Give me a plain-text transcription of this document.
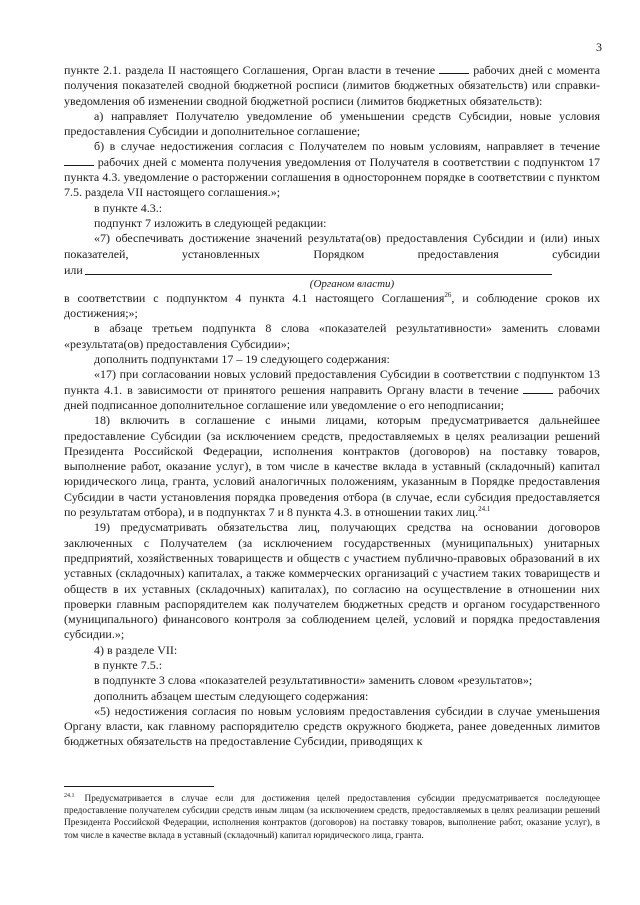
3

пункте 2.1. раздела II настоящего Соглашения, Орган власти в течение	рабочих дней с момента получения показателей сводной бюджетной росписи (лимитов бюджетных обязательств) или справки-уведомления об изменении сводной бюджетной росписи (лимитов бюджетных обязательств):

а) направляет Получателю уведомление об уменьшении средств Субсидии, новые условия предоставления Субсидии и дополнительное соглашение;

б) в случае недостижения согласия с Получателем по новым условиям, направляет в течение  рабочих дней с момента получения уведомления от Получателя в соответствии с подпунктом 17 пункта 4.3. уведомление о расторжении соглашения в одностороннем порядке в соответствии с пунктом 7.5. раздела VII настоящего соглашения.»;

в пункте 4.3.:

подпункт 7 изложить в следующей редакции:

«7) обеспечивать достижение значений результата(ов) предоставления Субсидии и (или) иных показателей, установленных Порядком предоставления субсидии

или
(Органом власти)

в соответствии с подпунктом 4 пункта 4.1 настоящего Соглашения$^{26}$, и соблюдение сроков их достижения;»;

в абзаце третьем подпункта 8 слова «показателей результативности» заменить словами «результата(ов) предоставления Субсидии»;

дополнить подпунктами 17 – 19 следующего содержания:

«17) при согласовании новых условий предоставления Субсидии в соответствии с подпунктом 13 пункта 4.1. в зависимости от принятого решения направить Органу власти в течение	рабочих дней подписанное дополнительное соглашение или уведомление о его неподписании;

18) включить в соглашение с иными лицами, которым предусматривается дальнейшее предоставление Субсидии (за исключением средств, предоставляемых в целях реализации решений Президента Российской Федерации, исполнения контрактов (договоров) на поставку товаров, выполнение работ, оказание услуг), в том числе в качестве вклада в уставный (складочный) капитал юридического лица, гранта, условий аналогичных положениям, указанным в Порядке предоставления Субсидии в части установления порядка проведения отбора (в случае, если субсидия предоставляется по результатам отбора), и в подпунктах 7 и 8 пункта 4.3. в отношении таких лиц.$^{24.1}$

19) предусматривать обязательства лиц, получающих средства на основании договоров заключенных с Получателем (за исключением государственных (муниципальных) унитарных предприятий, хозяйственных товариществ и обществ с участием публично-правовых образований в их уставных (складочных) капиталах, а также коммерческих организаций с участием таких товариществ и обществ в их уставных (складочных) капиталах), по согласию на осуществление в отношении них проверки главным распорядителем как получателем бюджетных средств и органом государственного (муниципального) финансового контроля за соблюдением целей, условий и порядка предоставления субсидии.»;

4) в разделе VII:

в пункте 7.5.:

в подпункте 3 слова «показателей результативности» заменить словом «результатов»;

дополнить абзацем шестым следующего содержания:

«5) недостижения согласия по новым условиям предоставления субсидии в случае уменьшения Органу власти, как главному распорядителю средств окружного бюджета, ранее доведенных лимитов бюджетных обязательств на предоставление Субсидии, приводящих к

$^{24.1}$ Предусматривается в случае если для достижения целей предоставления субсидии предусматривается последующее предоставление получателем субсидии средств иным лицам (за исключением средств, предоставляемых в целях реализации решений Президента Российской Федерации, исполнения контрактов (договоров) на поставку товаров, выполнение работ, оказание услуг), в том числе в качестве вклада в уставный (складочный) капитал юридического лица, гранта.
